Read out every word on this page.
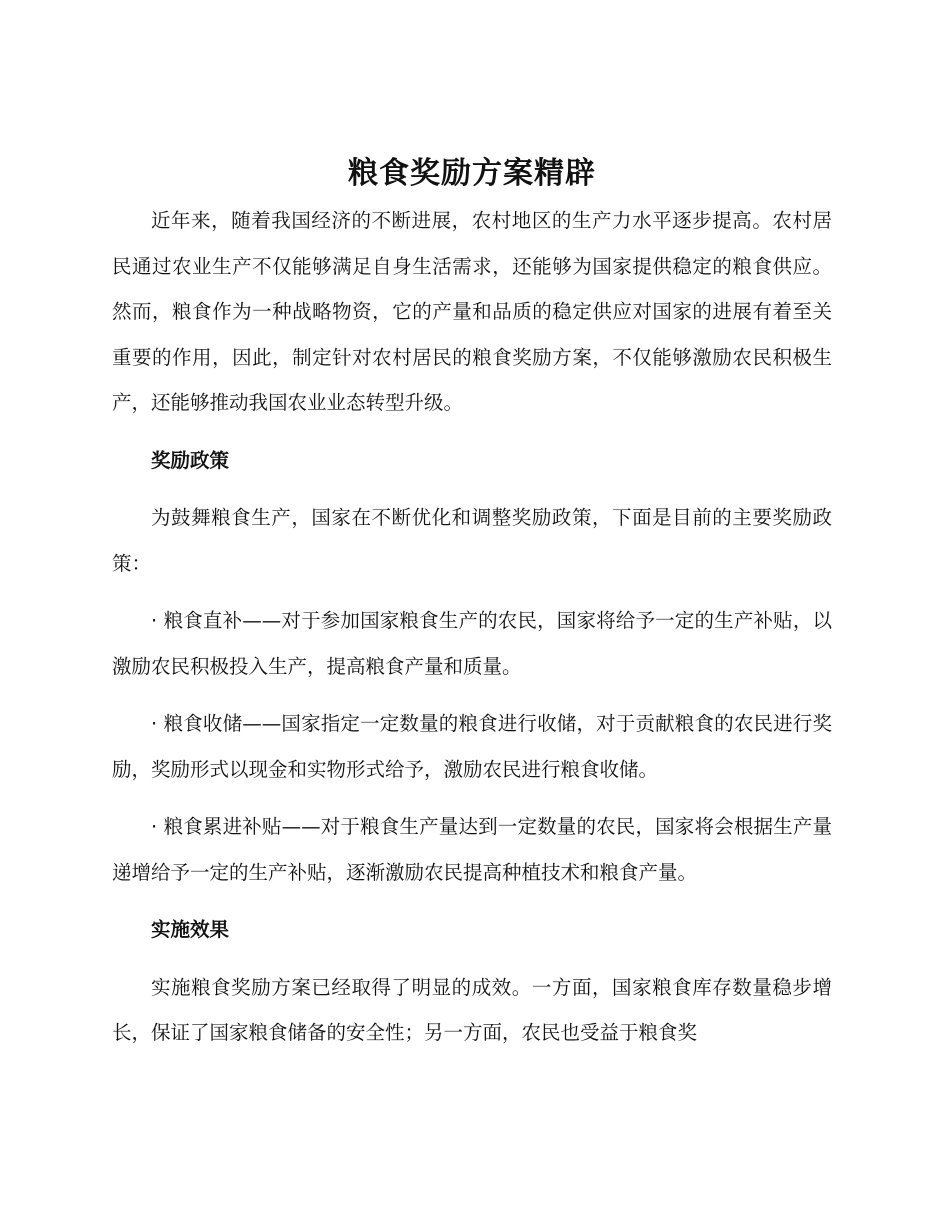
粮食奖励方案精辟

近年来，随着我国经济的不断进展，农村地区的生产力水平逐步提高。农村居民通过农业生产不仅能够满足自身生活需求，还能够为国家提供稳定的粮食供应。然而，粮食作为一种战略物资，它的产量和品质的稳定供应对国家的进展有着至关重要的作用，因此，制定针对农村居民的粮食奖励方案，不仅能够激励农民积极生产，还能够推动我国农业业态转型升级。

奖励政策

为鼓舞粮食生产，国家在不断优化和调整奖励政策，下面是目前的主要奖励政策：

· 粮食直补——对于参加国家粮食生产的农民，国家将给予一定的生产补贴，以激励农民积极投入生产，提高粮食产量和质量。

· 粮食收储——国家指定一定数量的粮食进行收储，对于贡献粮食的农民进行奖励，奖励形式以现金和实物形式给予，激励农民进行粮食收储。

· 粮食累进补贴——对于粮食生产量达到一定数量的农民，国家将会根据生产量递增给予一定的生产补贴，逐渐激励农民提高种植技术和粮食产量。

实施效果

实施粮食奖励方案已经取得了明显的成效。一方面，国家粮食库存数量稳步增长，保证了国家粮食储备的安全性；另一方面，农民也受益于粮食奖
